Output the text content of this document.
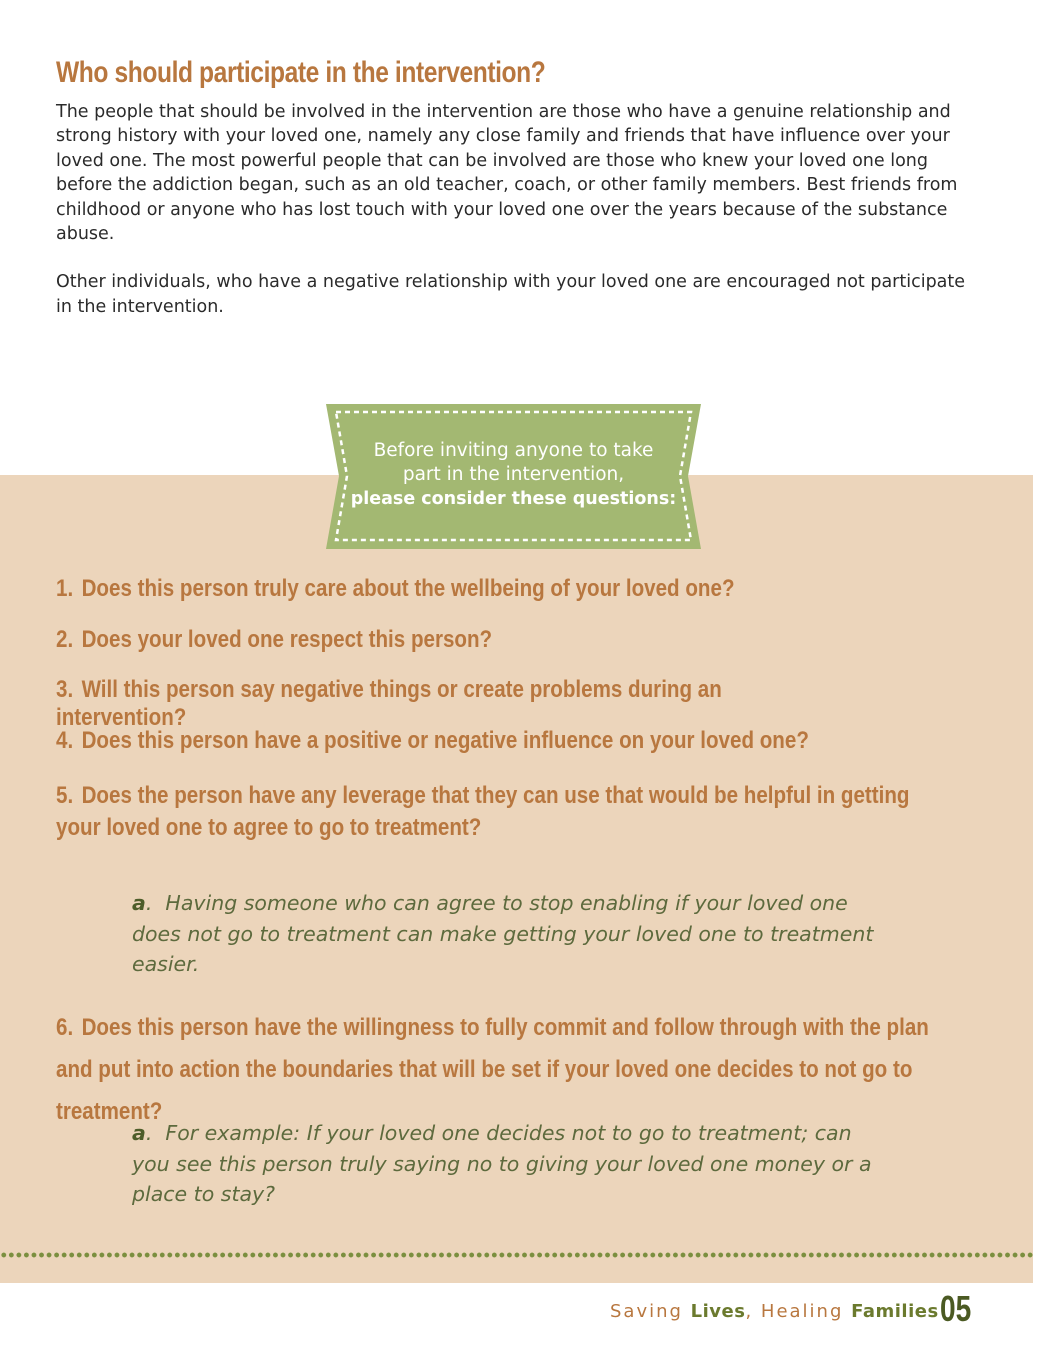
Who should participate in the intervention?

The people that should be involved in the intervention are those who have a genuine relationship and strong history with your loved one, namely any close family and friends that have influence over your loved one. The most powerful people that can be involved are those who knew your loved one long before the addiction began, such as an old teacher, coach, or other family members. Best friends from childhood or anyone who has lost touch with your loved one over the years because of the substance abuse.

Other individuals, who have a negative relationship with your loved one are encouraged not participate in the intervention.

Before inviting anyone to take
part in the intervention,
please consider these questions:
1. Does this person truly care about the wellbeing of your loved one?
2. Does your loved one respect this person?
3. Will this person say negative things or create problems during an intervention?
4. Does this person have a positive or negative influence on your loved one?
5. Does the person have any leverage that they can use that would be helpful in getting your loved one to agree to go to treatment?
a.  Having someone who can agree to stop enabling if your loved one does not go to treatment can make getting your loved one to treatment easier.
6. Does this person have the willingness to fully commit and follow through with the plan and put into action the boundaries that will be set if your loved one decides to not go to treatment?
a.  For example: If your loved one decides not to go to treatment; can you see this person truly saying no to giving your loved one money or a place to stay?
Saving Lives, Healing Families 05
